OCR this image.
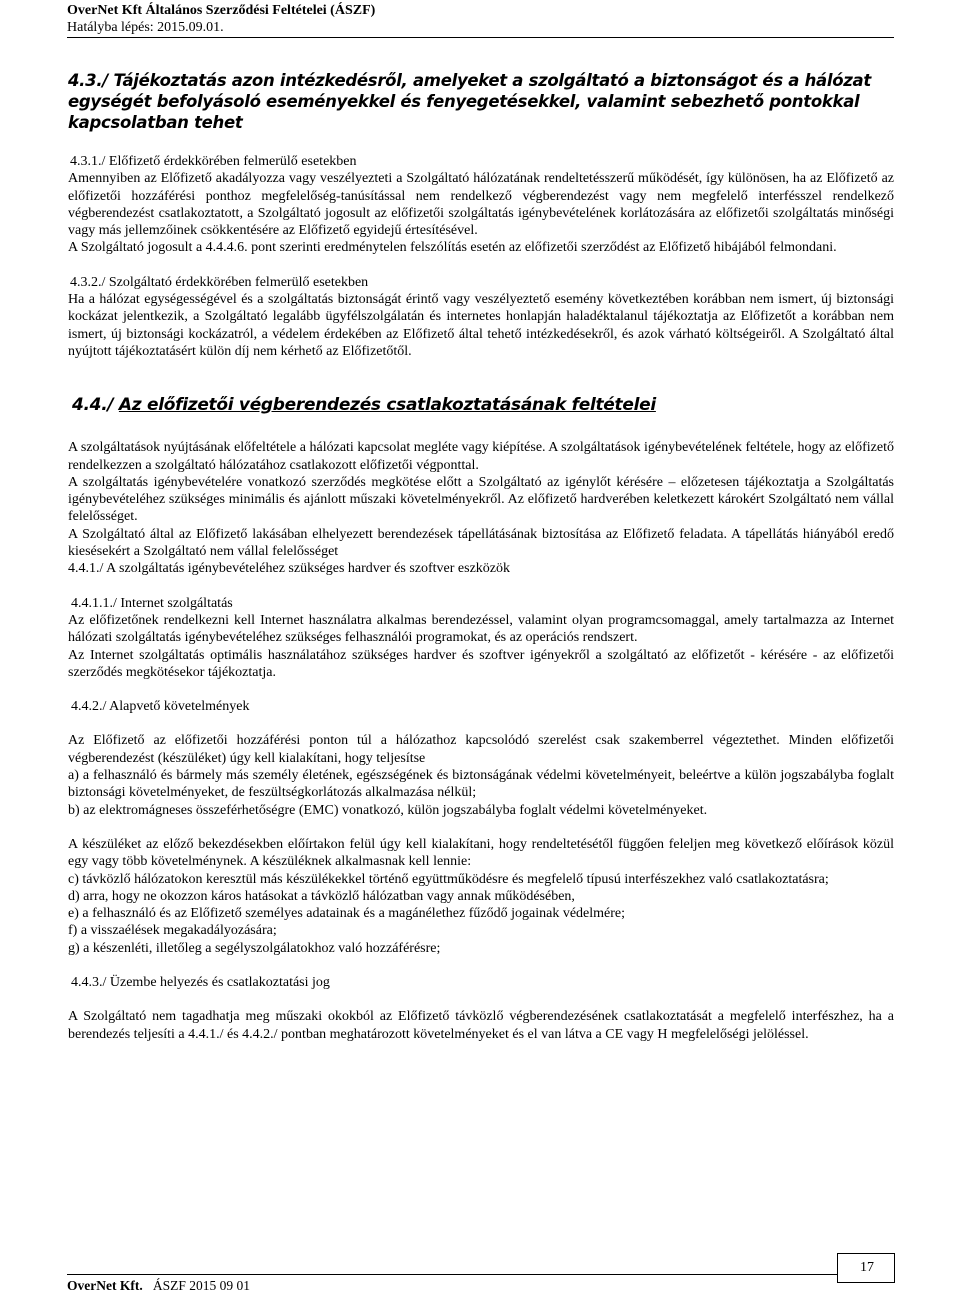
OverNet Kft Általános Szerződési Feltételei (ÁSZF)
Hatályba lépés: 2015.09.01.
4.3./ Tájékoztatás azon intézkedésről, amelyeket a szolgáltató a biztonságot és a hálózat egységét befolyásoló eseményekkel és fenyegetésekkel, valamint sebezhető pontokkal kapcsolatban tehet
4.3.1./ Előfizető érdekkörében felmerülő esetekben

Amennyiben az Előfizető akadályozza vagy veszélyezteti a Szolgáltató hálózatának rendeltetésszerű működését, így különösen, ha az Előfizető az előfizetői hozzáférési ponthoz megfelelőség-tanúsítással nem rendelkező végberendezést vagy nem megfelelő interfésszel rendelkező végberendezést csatlakoztatott, a Szolgáltató jogosult az előfizetői szolgáltatás igénybevételének korlátozására az előfizetői szolgáltatás minőségi vagy más jellemzőinek csökkentésére az Előfizető egyidejű értesítésével.

A Szolgáltató jogosult a 4.4.4.6. pont szerinti eredménytelen felszólítás esetén az előfizetői szerződést az Előfizető hibájából felmondani.

4.3.2./ Szolgáltató érdekkörében felmerülő esetekben

Ha a hálózat egységességével és a szolgáltatás biztonságát érintő vagy veszélyeztető esemény következtében korábban nem ismert, új biztonsági kockázat jelentkezik, a Szolgáltató legalább ügyfélszolgálatán és internetes honlapján haladéktalanul tájékoztatja az Előfizetőt a korábban nem ismert, új biztonsági kockázatról, a védelem érdekében az Előfizető által tehető intézkedésekről, és azok várható költségeiről. A Szolgáltató által nyújtott tájékoztatásért külön díj nem kérhető az Előfizetőtől.

4.4./ Az előfizetői végberendezés csatlakoztatásának feltételei

A szolgáltatások nyújtásának előfeltétele a hálózati kapcsolat megléte vagy kiépítése. A szolgáltatások igénybevételének feltétele, hogy az előfizető rendelkezzen a szolgáltató hálózatához csatlakozott előfizetői végponttal.

A szolgáltatás igénybevételére vonatkozó szerződés megkötése előtt a Szolgáltató az igénylőt kérésére – előzetesen tájékoztatja a Szolgáltatás igénybevételéhez szükséges minimális és ajánlott műszaki követelményekről. Az előfizető hardverében keletkezett károkért Szolgáltató nem vállal felelősséget.

A Szolgáltató által az Előfizető lakásában elhelyezett berendezések tápellátásának biztosítása az Előfizető feladata. A tápellátás hiányából eredő kiesésekért a Szolgáltató nem vállal felelősséget

4.4.1./ A szolgáltatás igénybevételéhez szükséges hardver és szoftver eszközök
4.4.1.1./ Internet szolgáltatás

Az előfizetőnek rendelkezni kell Internet használatra alkalmas berendezéssel, valamint olyan programcsomaggal, amely tartalmazza az Internet hálózati szolgáltatás igénybevételéhez szükséges felhasználói programokat, és az operációs rendszert.

Az Internet szolgáltatás optimális használatához szükséges hardver és szoftver igényekről a szolgáltató az előfizetőt - kérésére - az előfizetői szerződés megkötésekor tájékoztatja.

4.4.2./ Alapvető követelmények

Az Előfizető az előfizetői hozzáférési ponton túl a hálózathoz kapcsolódó szerelést csak szakemberrel végeztethet. Minden előfizetői végberendezést (készüléket) úgy kell kialakítani, hogy teljesítse

a) a felhasználó és bármely más személy életének, egészségének és biztonságának védelmi követelményeit, beleértve a külön jogszabályba foglalt biztonsági követelményeket, de feszültségkorlátozás alkalmazása nélkül;

b) az elektromágneses összeférhetőségre (EMC) vonatkozó, külön jogszabályba foglalt védelmi követelményeket.

A készüléket az előző bekezdésekben előírtakon felül úgy kell kialakítani, hogy rendeltetésétől függően feleljen meg következő előírások közül egy vagy több követelménynek. A készüléknek alkalmasnak kell lennie:

c) távközlő hálózatokon keresztül más készülékekkel történő együttműködésre és megfelelő típusú interfészekhez való csatlakoztatásra;

d) arra, hogy ne okozzon káros hatásokat a távközlő hálózatban vagy annak működésében,

e) a felhasználó és az Előfizető személyes adatainak és a magánélethez fűződő jogainak védelmére;

f) a visszaélések megakadályozására;

g) a készenléti, illetőleg a segélyszolgálatokhoz való hozzáférésre;

4.4.3./ Üzembe helyezés és csatlakoztatási jog

A Szolgáltató nem tagadhatja meg műszaki okokból az Előfizető távközlő végberendezésének csatlakoztatását a megfelelő interfészhez, ha a berendezés teljesíti a 4.4.1./ és 4.4.2./ pontban meghatározott követelményeket és el van látva a CE vagy H megfelelőségi jelöléssel.

17
OverNet Kft. ÁSZF 2015 09 01
